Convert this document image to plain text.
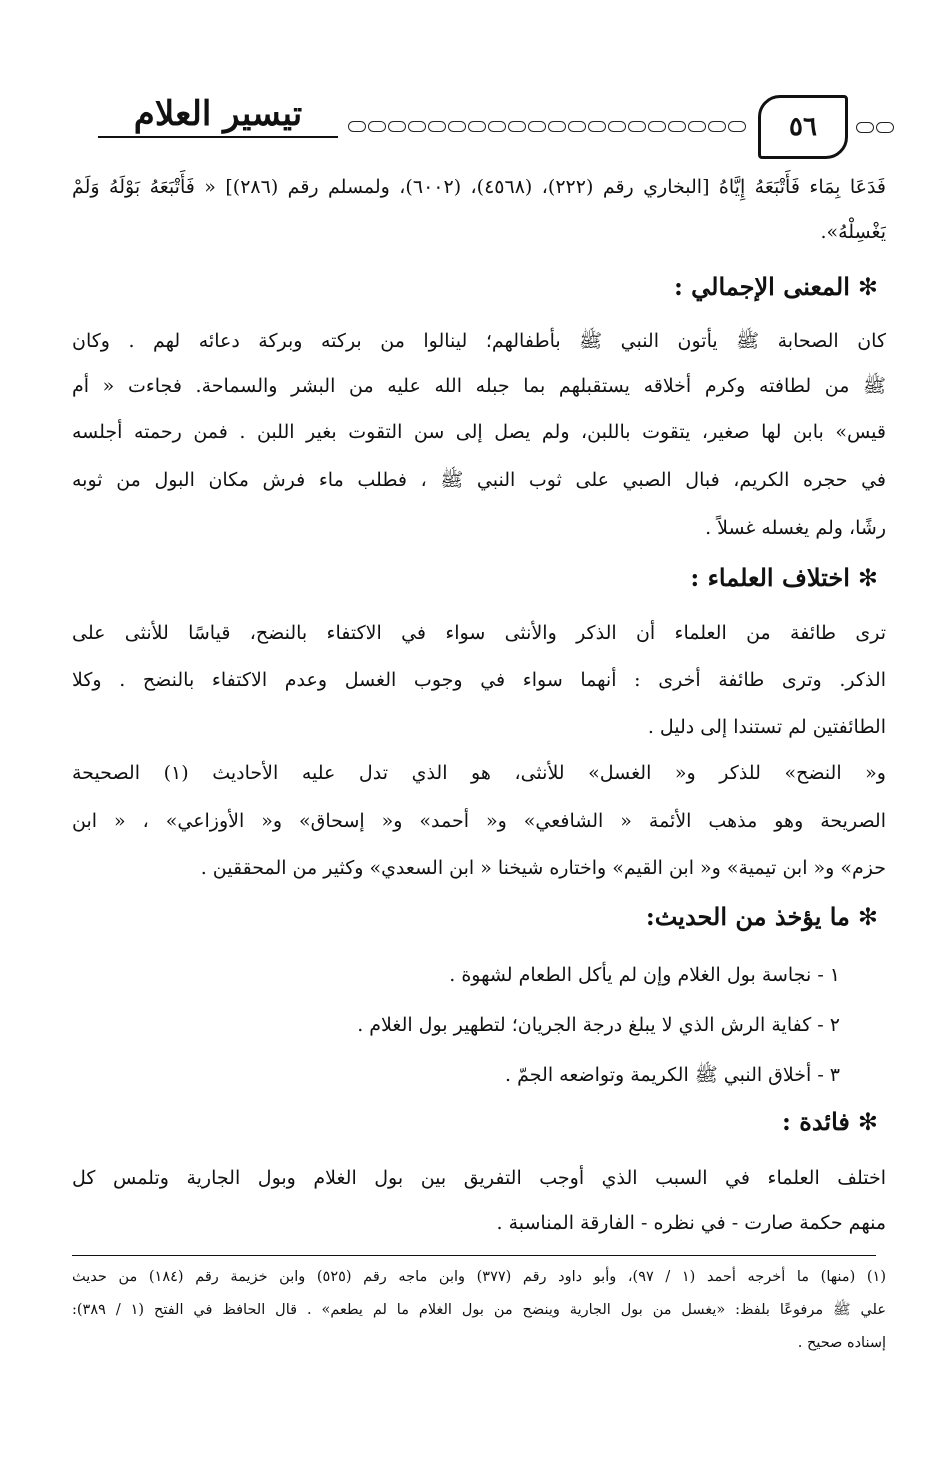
٥٦
تيسير العلام
فَدَعَا بِمَاء فَأَتْبَعَهُ إِيَّاهُ [البخاري رقم (٢٢٢)، (٤٥٦٨)، (٦٠٠٢)، ولمسلم رقم (٢٨٦)] « فَأَتْبَعَهُ بَوْلَهُ وَلَمْ
يَغْسِلْهُ».
✻المعنى الإجمالي :
كان الصحابة ﷺ يأتون النبي ﷺ بأطفالهم؛ لينالوا من بركته وبركة دعائه لهم . وكان
ﷺ من لطافته وكرم أخلاقه يستقبلهم بما جبله الله عليه من البشر والسماحة. فجاءت « أم
قيس» بابن لها صغير، يتقوت باللبن، ولم يصل إلى سن التقوت بغير اللبن . فمن رحمته أجلسه
في حجره الكريم، فبال الصبي على ثوب النبي ﷺ ، فطلب ماء فرش مكان البول من ثوبه
رشًا، ولم يغسله غسلاً .
✻اختلاف العلماء :
ترى طائفة من العلماء أن الذكر والأنثى سواء في الاكتفاء بالنضح، قياسًا للأنثى على
الذكر. وترى طائفة أخرى : أنهما سواء في وجوب الغسل وعدم الاكتفاء بالنضح . وكلا
الطائفتين لم تستندا إلى دليل .
و« النضح» للذكر و« الغسل» للأنثى، هو الذي تدل عليه الأحاديث (١) الصحيحة
الصريحة وهو مذهب الأئمة « الشافعي» و« أحمد» و« إسحاق» و« الأوزاعي» ، « ابن
حزم» و« ابن تيمية» و« ابن القيم» واختاره شيخنا « ابن السعدي» وكثير من المحققين .
✻ما يؤخذ من الحديث:
١ - نجاسة بول الغلام وإن لم يأكل الطعام لشهوة .
٢ - كفاية الرش الذي لا يبلغ درجة الجريان؛ لتطهير بول الغلام .
٣ - أخلاق النبي ﷺ الكريمة وتواضعه الجمّ .
✻فائدة :
اختلف العلماء في السبب الذي أوجب التفريق بين بول الغلام وبول الجارية وتلمس كل
منهم حكمة صارت - في نظره - الفارقة المناسبة .
(١) (منها) ما أخرجه أحمد (١ / ٩٧)، وأبو داود رقم (٣٧٧) وابن ماجه رقم (٥٢٥) وابن خزيمة رقم (١٨٤) من حديث
علي ﷺ مرفوعًا بلفظ: «يغسل من بول الجارية وينضح من بول الغلام ما لم يطعم» . قال الحافظ في الفتح (١ / ٣٨٩):
إسناده صحيح .
